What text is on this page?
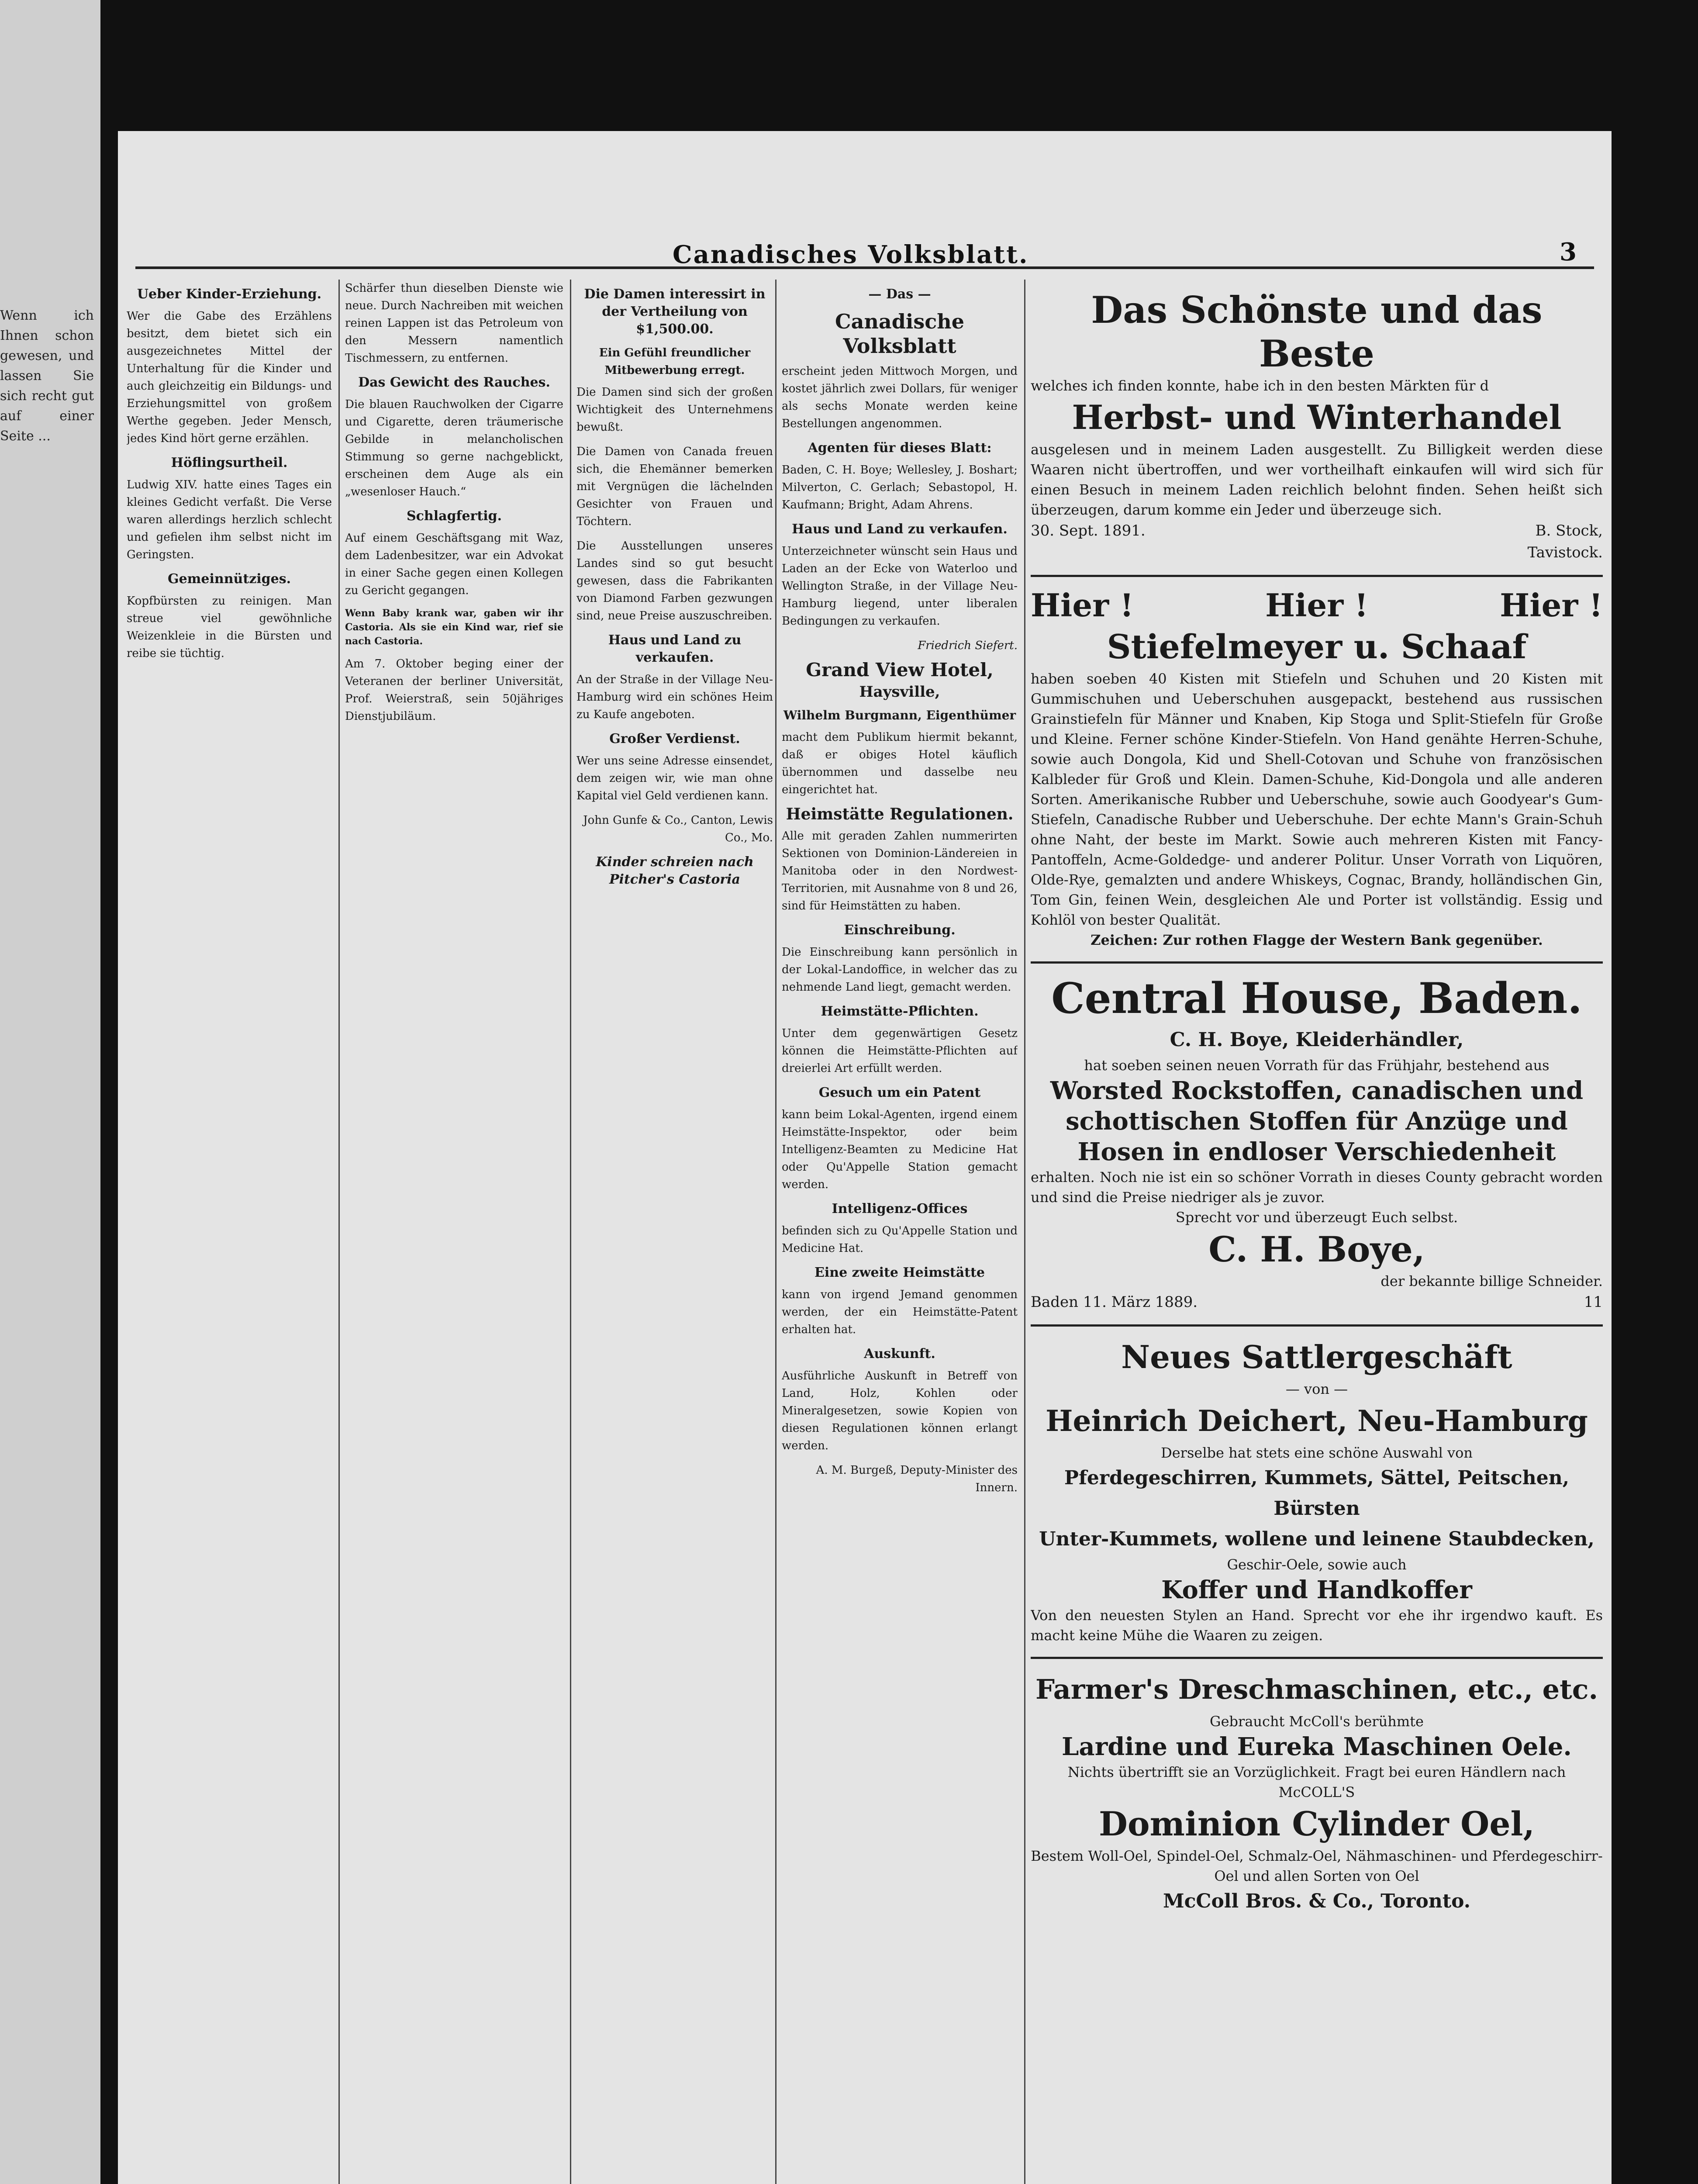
Wenn ich Ihnen schon gewesen, und lassen Sie sich recht gut auf einer Seite ...
Canadisches Volksblatt.	3
Ueber Kinder-Erziehung.

Wer die Gabe des Erzählens besitzt, dem bietet sich ein ausgezeichnetes Mittel der Unterhaltung für die Kinder und auch gleichzeitig ein Bildungs- und Erziehungsmittel von großem Werthe gegeben. Jeder Mensch, jedes Kind hört gerne erzählen.

Höflingsurtheil.

Ludwig XIV. hatte eines Tages ein kleines Gedicht verfaßt. Die Verse waren allerdings herzlich schlecht und gefielen ihm selbst nicht im Geringsten.

Gemeinnütziges.

Kopfbürsten zu reinigen. Man streue viel gewöhnliche Weizenkleie in die Bürsten und reibe sie tüchtig.

Schärfer thun dieselben Dienste wie neue. Durch Nachreiben mit weichen reinen Lappen ist das Petroleum von den Messern namentlich Tischmessern, zu entfernen.

Das Gewicht des Rauches.

Die blauen Rauchwolken der Cigarre und Cigarette, deren träumerische Gebilde in melancholischen Stimmung so gerne nachgeblickt, erscheinen dem Auge als ein „wesenloser Hauch.“

Schlagfertig.

Auf einem Geschäftsgang mit Waz, dem Ladenbesitzer, war ein Advokat in einer Sache gegen einen Kollegen zu Gericht gegangen.

Wenn Baby krank war, gaben wir ihr Castoria. Als sie ein Kind war, rief sie nach Castoria.

Am 7. Oktober beging einer der Veteranen der berliner Universität, Prof. Weierstraß, sein 50jähriges Dienstjubiläum.

Die Damen interessirt in der Vertheilung von $1,500.00.
Ein Gefühl freundlicher Mitbewerbung erregt.

Die Damen sind sich der großen Wichtigkeit des Unternehmens bewußt.

Die Damen von Canada freuen sich, die Ehemänner bemerken mit Vergnügen die lächelnden Gesichter von Frauen und Töchtern.

Die Ausstellungen unseres Landes sind so gut besucht gewesen, dass die Fabrikanten von Diamond Farben gezwungen sind, neue Preise auszuschreiben.

Haus und Land zu verkaufen.

An der Straße in der Village Neu-Hamburg wird ein schönes Heim zu Kaufe angeboten.

Großer Verdienst.

Wer uns seine Adresse einsendet, dem zeigen wir, wie man ohne Kapital viel Geld verdienen kann.

John Gunfe & Co., Canton, Lewis Co., Mo.

Kinder schreien nach Pitcher's Castoria
— Das —
Canadische Volksblatt

erscheint jeden Mittwoch Morgen, und kostet jährlich zwei Dollars, für weniger als sechs Monate werden keine Bestellungen angenommen.

Agenten für dieses Blatt:

Baden, C. H. Boye; Wellesley, J. Boshart; Milverton, C. Gerlach; Sebastopol, H. Kaufmann; Bright, Adam Ahrens.

Haus und Land zu verkaufen.

Unterzeichneter wünscht sein Haus und Laden an der Ecke von Waterloo und Wellington Straße, in der Village Neu-Hamburg liegend, unter liberalen Bedingungen zu verkaufen.

Friedrich Siefert.

Grand View Hotel,
Haysville,
Wilhelm Burgmann, Eigenthümer

macht dem Publikum hiermit bekannt, daß er obiges Hotel käuflich übernommen und dasselbe neu eingerichtet hat.

Heimstätte Regulationen.

Alle mit geraden Zahlen nummerirten Sektionen von Dominion-Ländereien in Manitoba oder in den Nordwest-Territorien, mit Ausnahme von 8 und 26, sind für Heimstätten zu haben.

Einschreibung.

Die Einschreibung kann persönlich in der Lokal-Landoffice, in welcher das zu nehmende Land liegt, gemacht werden.

Heimstätte-Pflichten.

Unter dem gegenwärtigen Gesetz können die Heimstätte-Pflichten auf dreierlei Art erfüllt werden.

Gesuch um ein Patent

kann beim Lokal-Agenten, irgend einem Heimstätte-Inspektor, oder beim Intelligenz-Beamten zu Medicine Hat oder Qu'Appelle Station gemacht werden.

Intelligenz-Offices

befinden sich zu Qu'Appelle Station und Medicine Hat.

Eine zweite Heimstätte

kann von irgend Jemand genommen werden, der ein Heimstätte-Patent erhalten hat.

Auskunft.

Ausführliche Auskunft in Betreff von Land, Holz, Kohlen oder Mineralgesetzen, sowie Kopien von diesen Regulationen können erlangt werden.

A. M. Burgeß, Deputy-Minister des Innern.

Das Schönste und das
Beste
welches ich finden konnte, habe ich in den besten Märkten für d
Herbst- und Winterhandel
ausgelesen und in meinem Laden ausgestellt. Zu Billigkeit werden diese Waaren nicht übertroffen, und wer vortheilhaft einkaufen will wird sich für einen Besuch in meinem Laden reichlich belohnt finden. Sehen heißt sich überzeugen, darum komme ein Jeder und überzeuge sich.
30. Sept. 1891.	B. Stock,
Tavistock.
Hier !	Hier !	Hier !
Stiefelmeyer u. Schaaf
haben soeben 40 Kisten mit Stiefeln und Schuhen und 20 Kisten mit Gummischuhen und Ueberschuhen ausgepackt, bestehend aus russischen Grainstiefeln für Männer und Knaben, Kip Stoga und Split-Stiefeln für Große und Kleine. Ferner schöne Kinder-Stiefeln. Von Hand genähte Herren-Schuhe, sowie auch Dongola, Kid und Shell-Cotovan und Schuhe von französischen Kalbleder für Groß und Klein. Damen-Schuhe, Kid-Dongola und alle anderen Sorten. Amerikanische Rubber und Ueberschuhe, sowie auch Goodyear's Gum-Stiefeln, Canadische Rubber und Ueberschuhe. Der echte Mann's Grain-Schuh ohne Naht, der beste im Markt. Sowie auch mehreren Kisten mit Fancy-Pantoffeln, Acme-Goldedge- und anderer Politur. Unser Vorrath von Liquören, Olde-Rye, gemalzten und andere Whiskeys, Cognac, Brandy, holländischen Gin, Tom Gin, feinen Wein, desgleichen Ale und Porter ist vollständig. Essig und Kohlöl von bester Qualität.
Zeichen: Zur rothen Flagge der Western Bank gegenüber.
Central House, Baden.
C. H. Boye, Kleiderhändler,
hat soeben seinen neuen Vorrath für das Frühjahr, bestehend aus
Worsted Rockstoffen, canadischen und
schottischen Stoffen für Anzüge und
Hosen in endloser Verschiedenheit
erhalten. Noch nie ist ein so schöner Vorrath in dieses County gebracht worden und sind die Preise niedriger als je zuvor.
Sprecht vor und überzeugt Euch selbst.
C. H. Boye,
der bekannte billige Schneider.
Baden 11. März 1889.	11
Neues Sattlergeschäft
— von —
Heinrich Deichert, Neu-Hamburg
Derselbe hat stets eine schöne Auswahl von
Pferdegeschirren, Kummets, Sättel, Peitschen, Bürsten
Unter-Kummets, wollene und leinene Staubdecken,
Geschir-Oele, sowie auch
Koffer und Handkoffer
Von den neuesten Stylen an Hand. Sprecht vor ehe ihr irgendwo kauft. Es macht keine Mühe die Waaren zu zeigen.
Farmer's Dreschmaschinen, etc., etc.
Gebraucht McColl's berühmte
Lardine und Eureka Maschinen Oele.
Nichts übertrifft sie an Vorzüglichkeit. Fragt bei euren Händlern nach McCOLL'S
Dominion Cylinder Oel,
Bestem Woll-Oel, Spindel-Oel, Schmalz-Oel, Nähmaschinen- und Pferdegeschirr-Oel und allen Sorten von Oel
McColl Bros. & Co., Toronto.
